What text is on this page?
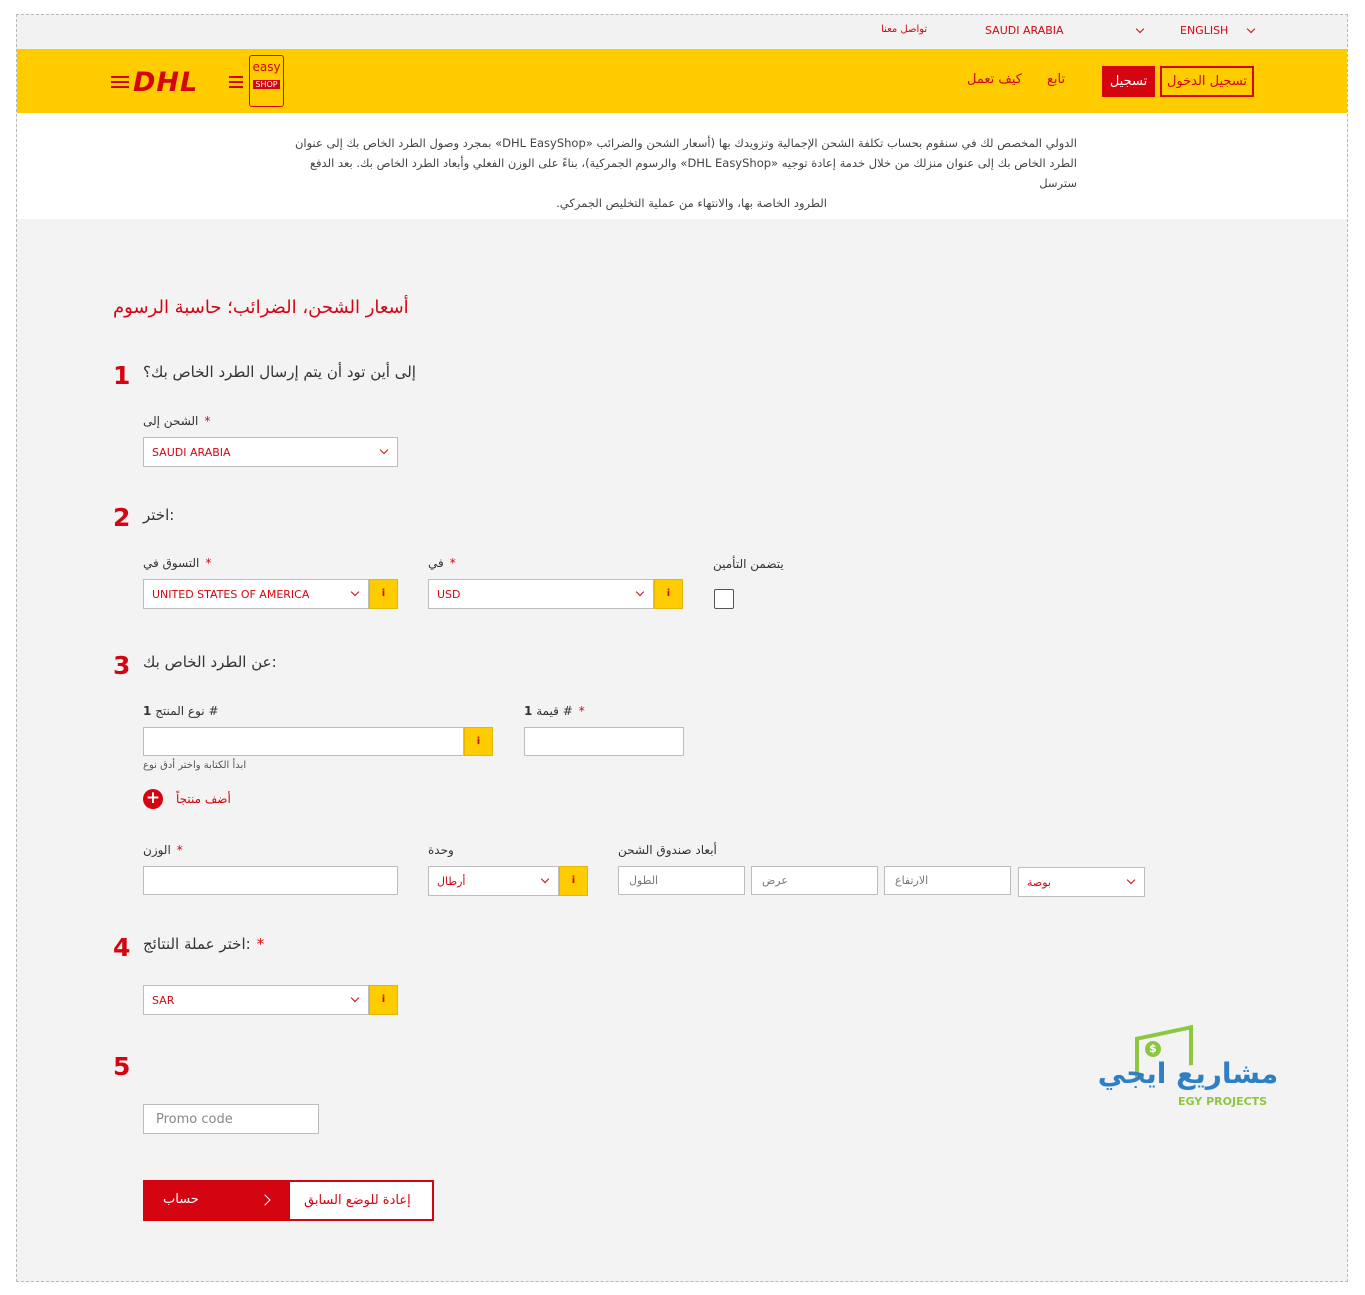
تواصل معنا	SAUDI ARABIA	ENGLISH
DHL	easy
SHOP	كيف تعمل تابع	تسجيل	تسجيل الدخول

الدولي المخصص لك في سنقوم بحساب تكلفة الشحن الإجمالية وتزويدك بها (أسعار الشحن والضرائب «DHL EasyShop» بمجرد وصول الطرد الخاص بك إلى عنوان
الطرد الخاص بك إلى عنوان منزلك من خلال خدمة إعادة توجيه «DHL EasyShop» والرسوم الجمركية)، بناءً على الوزن الفعلي وأبعاد الطرد الخاص بك. بعد الدفع سترسل
الطرود الخاصة بها، والانتهاء من عملية التخليص الجمركي.

أسعار الشحن، الضرائب؛ حاسبة الرسوم
1 إلى أين تود أن يتم إرسال الطرد الخاص بك؟
الشحن إلى *
SAUDI ARABIA
2 اختر:
التسوق في *
UNITED STATES OF AMERICA	i
في *
USD	i
يتضمن التأمين
3 عن الطرد الخاص بك:
1 نوع المنتج #
i
ابدأ الكتابة واختر أدق نوع
1 قيمة # *
+ أضف منتجاً
الوزن *	وحدة
أرطال	i
أبعاد صندوق الشحن
الطول	عرض	الارتفاع	بوصة
4 اختر عملة النتائج: *
SAR	i
5
Promo code
$
مشاريع ايجي
EGY PROJECTS
حساب	إعادة للوضع السابق
